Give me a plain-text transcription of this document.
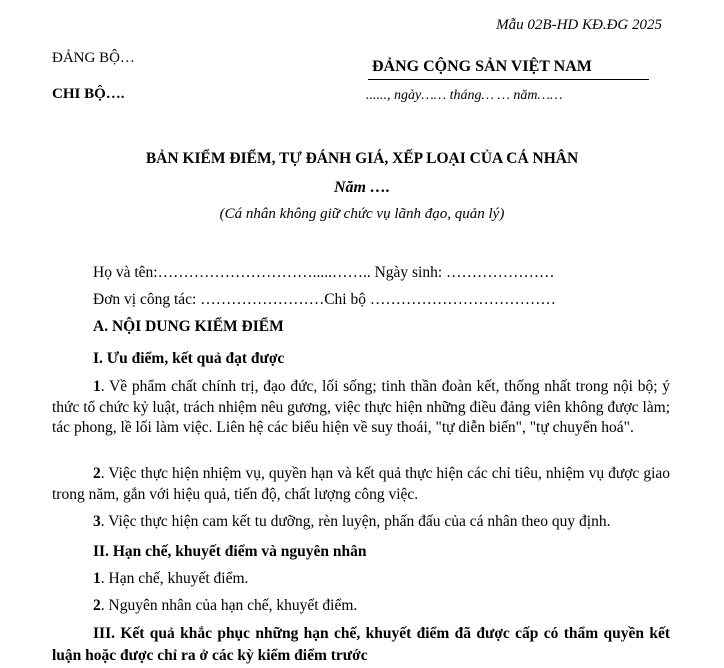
Mẫu 02B-HD KĐ.ĐG 2025
ĐẢNG BỘ…
CHI BỘ….
ĐẢNG CỘNG SẢN VIỆT NAM
......, ngày…… tháng… … năm……
BẢN KIỂM ĐIỂM, TỰ ĐÁNH GIÁ, XẾP LOẠI CỦA CÁ NHÂN
Năm ….
(Cá nhân không giữ chức vụ lãnh đạo, quản lý)
Họ và tên:………………………….....…….. Ngày sinh: …………………
Đơn vị công tác: ……………………Chi bộ ………………………………
A. NỘI DUNG KIỂM ĐIỂM
I. Ưu điểm, kết quả đạt được

1. Về phẩm chất chính trị, đạo đức, lối sống; tinh thần đoàn kết, thống nhất trong nội bộ; ý thức tổ chức kỷ luật, trách nhiệm nêu gương, việc thực hiện những điều đảng viên không được làm; tác phong, lề lối làm việc. Liên hệ các biểu hiện về suy thoái, "tự diễn biến", "tự chuyển hoá".

2. Việc thực hiện nhiệm vụ, quyền hạn và kết quả thực hiện các chỉ tiêu, nhiệm vụ được giao trong năm, gắn với hiệu quả, tiến độ, chất lượng công việc.

3. Việc thực hiện cam kết tu dưỡng, rèn luyện, phấn đấu của cá nhân theo quy định.

II. Hạn chế, khuyết điểm và nguyên nhân
1. Hạn chế, khuyết điểm.
2. Nguyên nhân của hạn chế, khuyết điểm.

III. Kết quả khắc phục những hạn chế, khuyết điểm đã được cấp có thẩm quyền kết luận hoặc được chỉ ra ở các kỳ kiểm điểm trước
